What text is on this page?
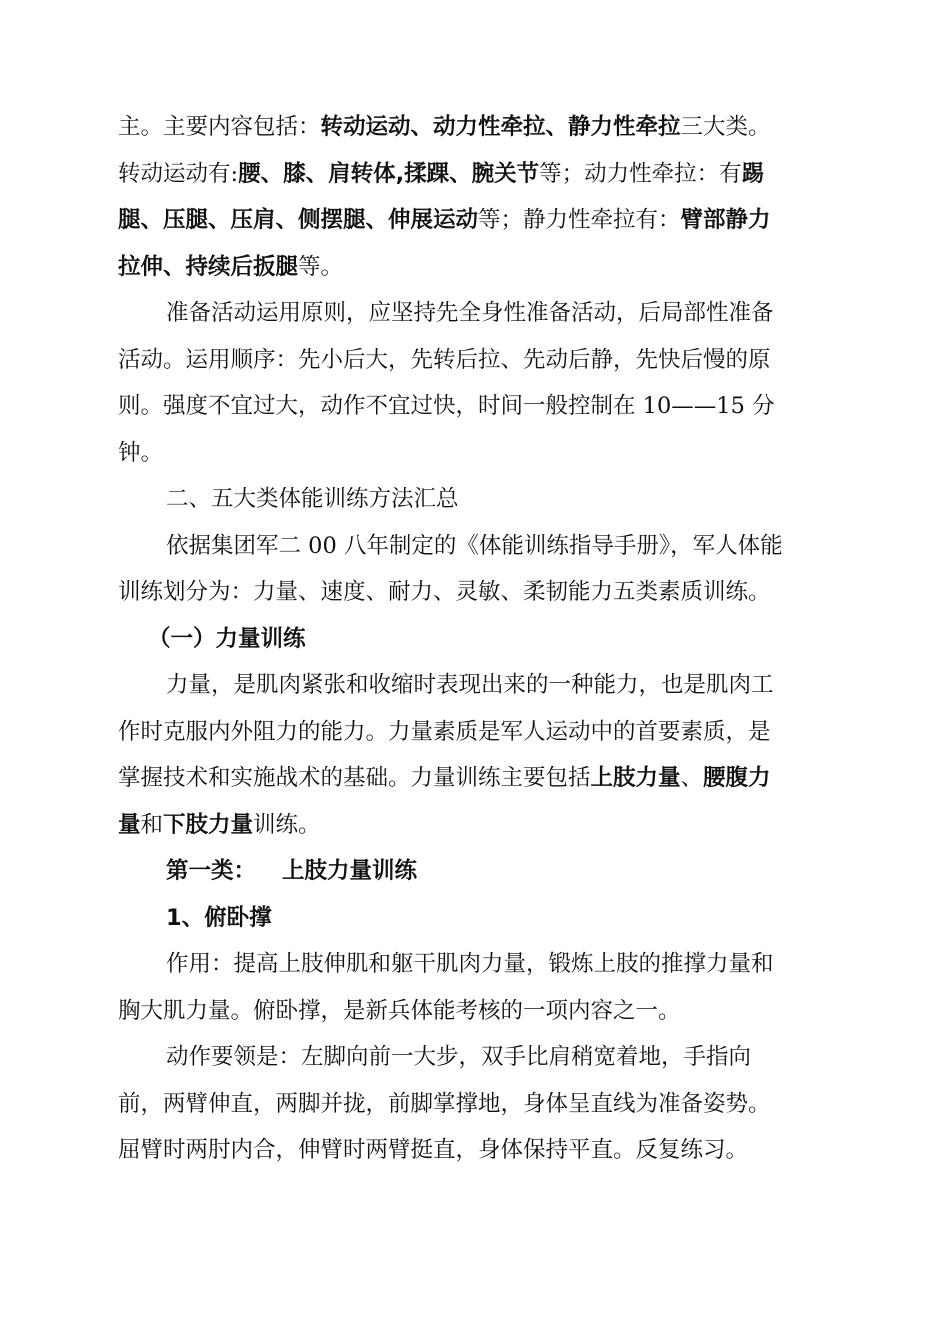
主。主要内容包括：转动运动、动力性牵拉、静力性牵拉三大类。
转动运动有:腰、膝、肩转体,揉踝、腕关节等；动力性牵拉：有踢
腿、压腿、压肩、侧摆腿、伸展运动等；静力性牵拉有：臂部静力
拉伸、持续后扳腿等。
准备活动运用原则，应坚持先全身性准备活动，后局部性准备
活动。运用顺序：先小后大，先转后拉、先动后静，先快后慢的原
则。强度不宜过大，动作不宜过快，时间一般控制在 10——15 分
钟。
二、五大类体能训练方法汇总
依据集团军二 00 八年制定的《体能训练指导手册》，军人体能
训练划分为：力量、速度、耐力、灵敏、柔韧能力五类素质训练。
（一）力量训练
力量，是肌肉紧张和收缩时表现出来的一种能力，也是肌肉工
作时克服内外阻力的能力。力量素质是军人运动中的首要素质，是
掌握技术和实施战术的基础。力量训练主要包括上肢力量、腰腹力
量和下肢力量训练。
第一类： 上肢力量训练
1、俯卧撑
作用：提高上肢伸肌和躯干肌肉力量，锻炼上肢的推撑力量和
胸大肌力量。俯卧撑，是新兵体能考核的一项内容之一。
动作要领是：左脚向前一大步，双手比肩稍宽着地，手指向
前，两臂伸直，两脚并拢，前脚掌撑地，身体呈直线为准备姿势。
屈臂时两肘内合，伸臂时两臂挺直，身体保持平直。反复练习。
